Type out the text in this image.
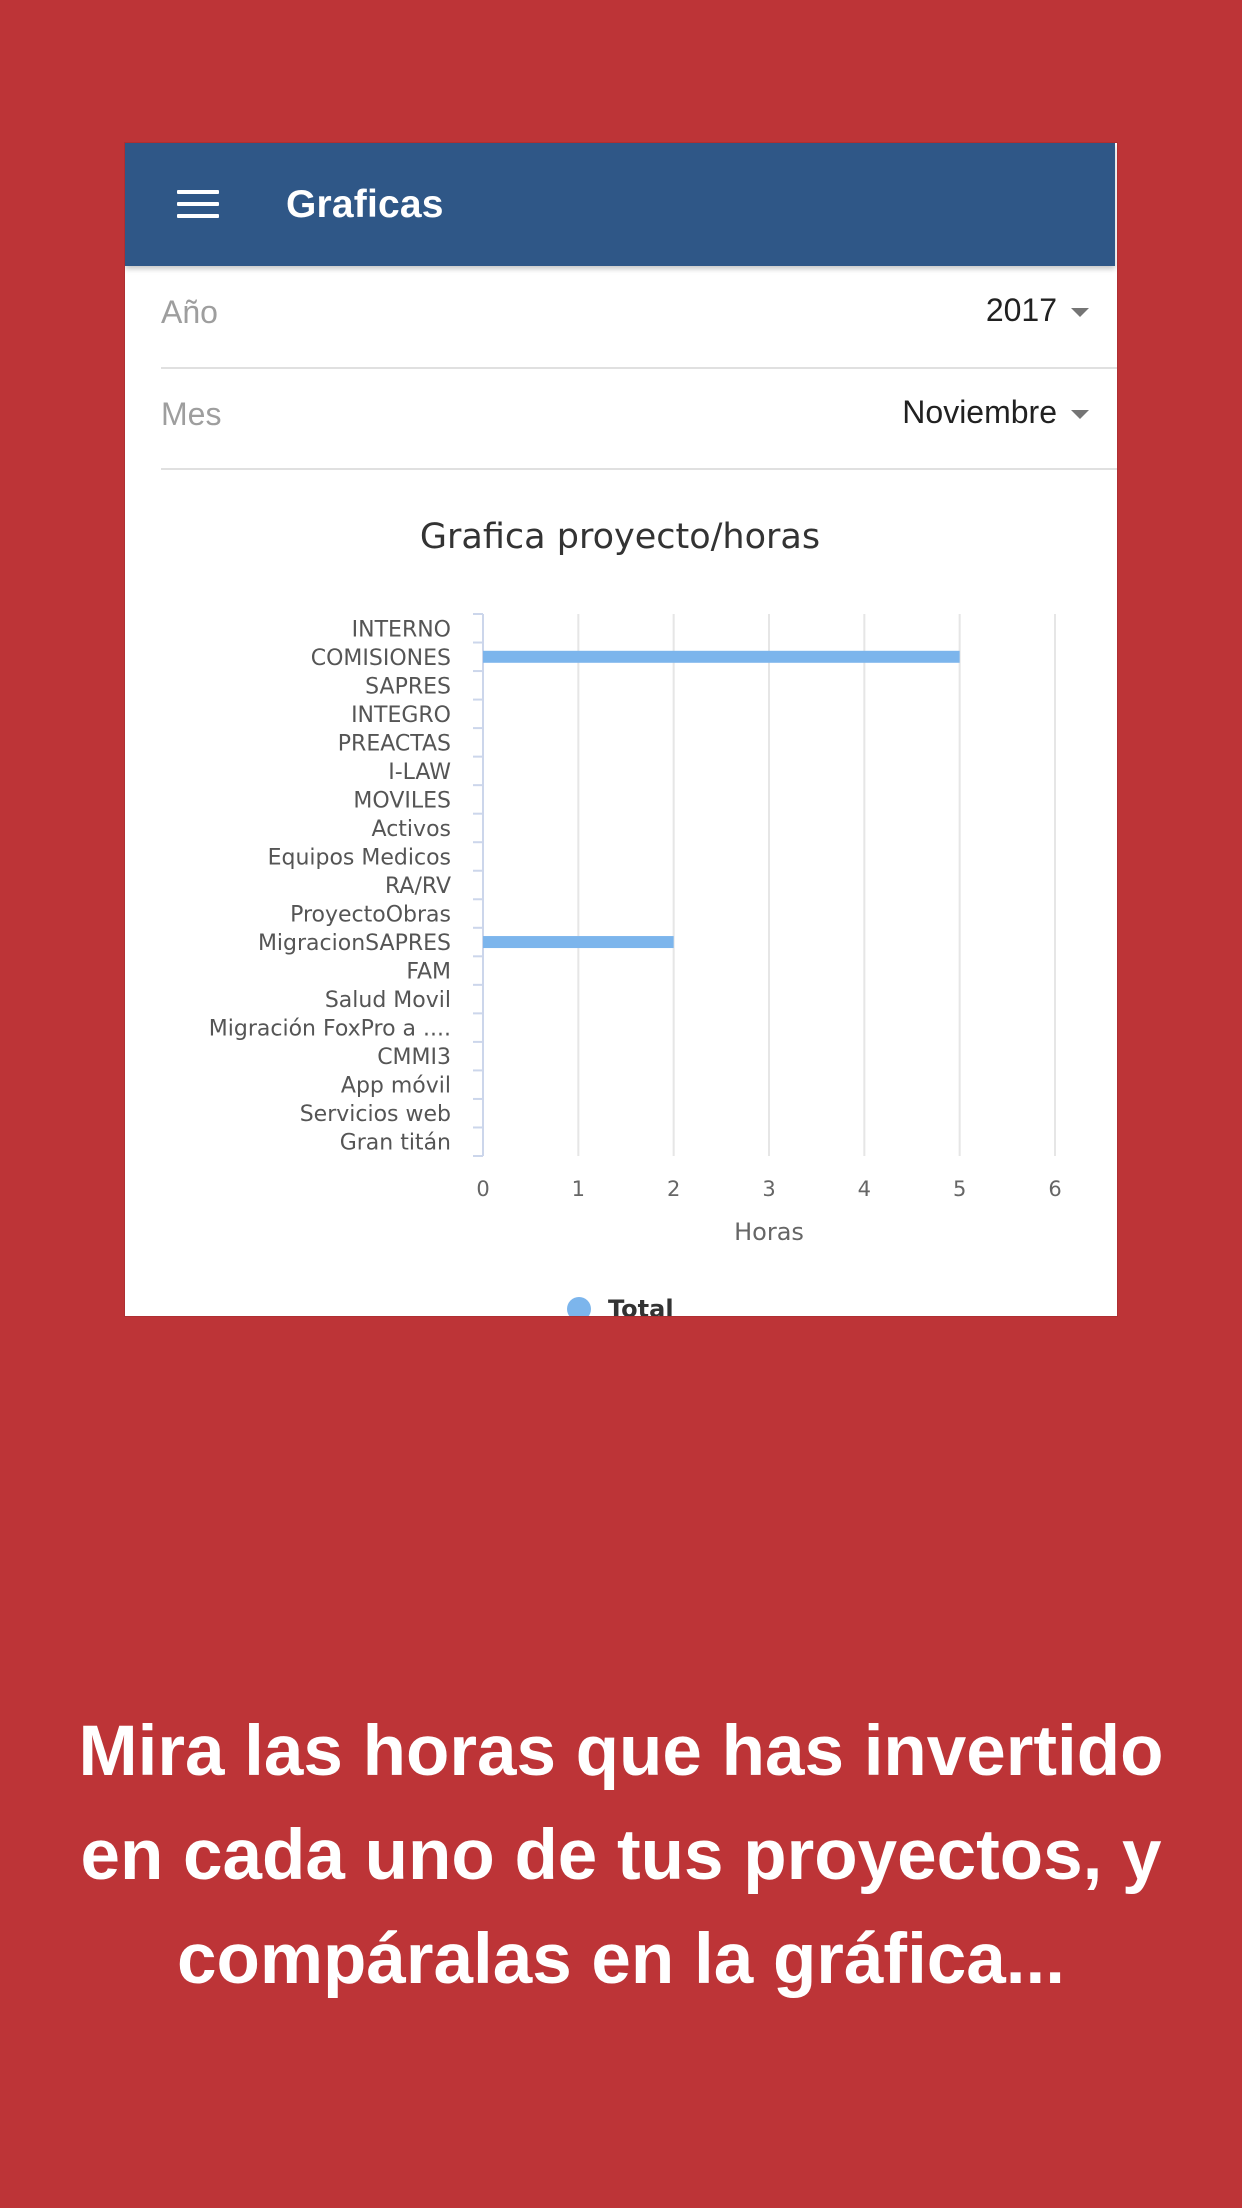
Graficas
Año	2017
Mes	Noviembre
Grafica proyecto/horas
INTERNO
COMISIONES
SAPRES
INTEGRO
PREACTAS
I-LAW
MOVILES
Activos
Equipos Medicos
RA/RV
ProyectoObras
MigracionSAPRES
FAM
Salud Movil
Migración FoxPro a ....
CMMI3
App móvil
Servicios web
Gran titán
0	1	2	3	4	5	6
Horas
Total
Mira las horas que has invertido en cada uno de tus proyectos, y compáralas en la gráfica...
